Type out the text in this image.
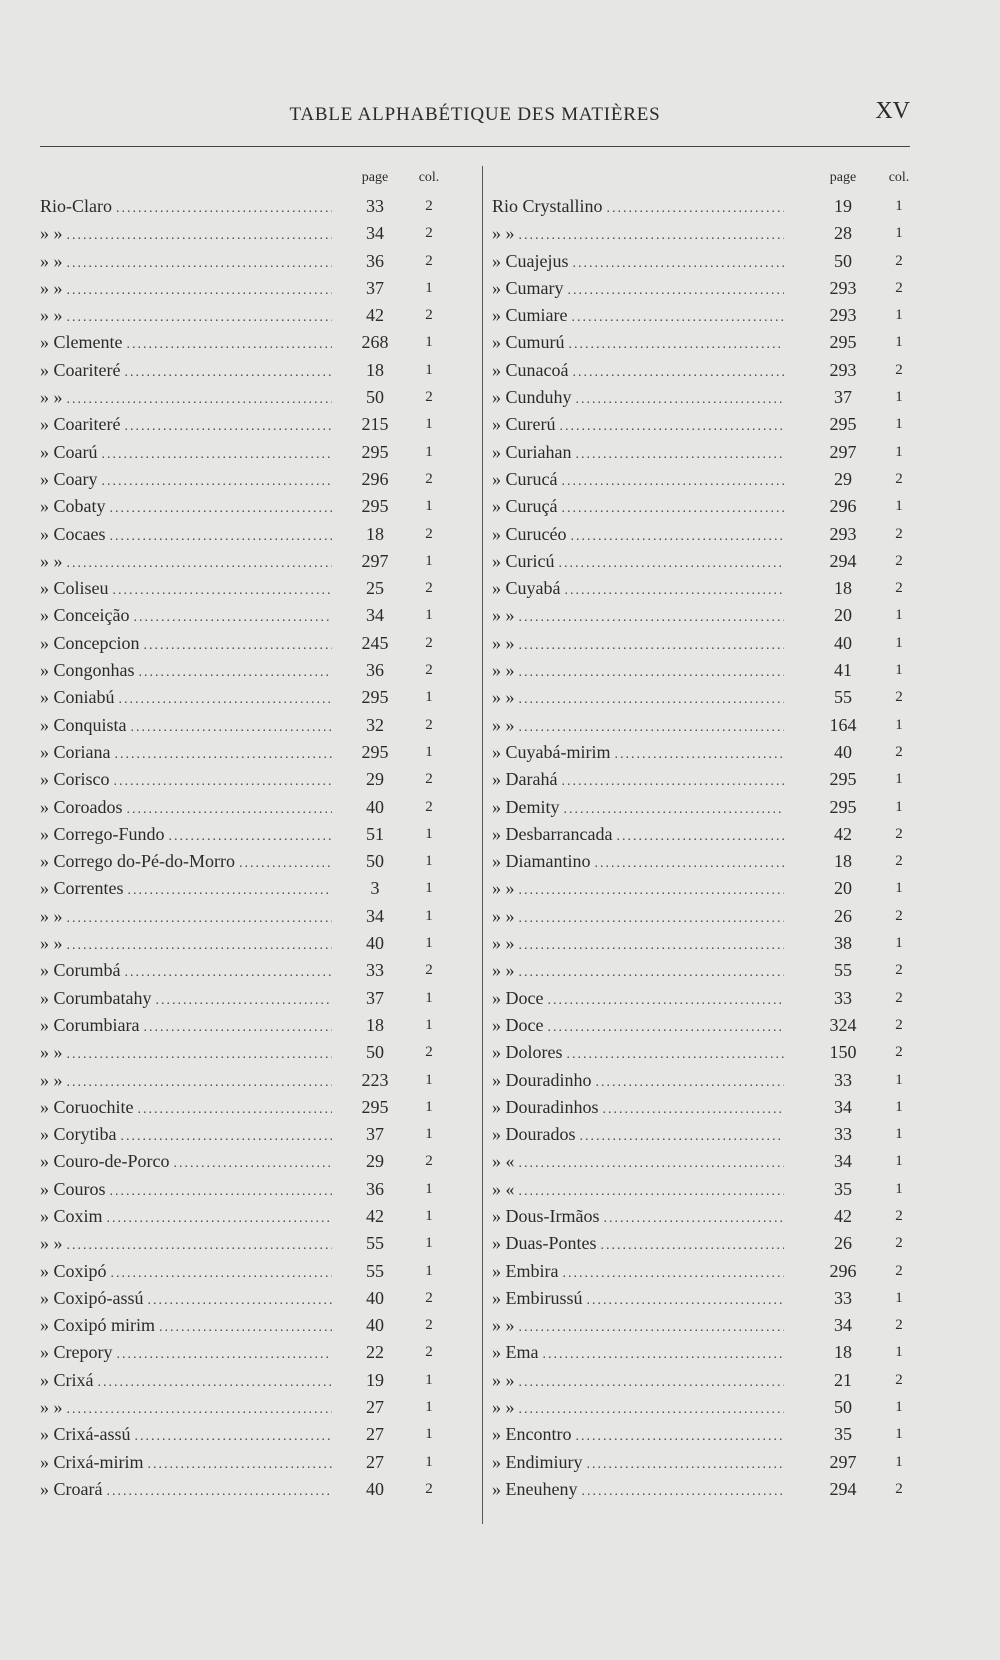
TABLE ALPHABÉTIQUE DES MATIÈRES	XV
page	col.
Rio-Claro .....	33	2
» » .....	34	2
» » .....	36	2
» » .....	37	1
» » .....	42	2
» Clemente .....	268	1
» Coariteré .....	18	1
» » .....	50	2
» Coariteré .....	215	1
» Coarú .....	295	1
» Coary .....	296	2
» Cobaty .....	295	1
» Cocaes .....	18	2
» » .....	297	1
» Coliseu .....	25	2
» Conceição .....	34	1
» Concepcion .....	245	2
» Congonhas .....	36	2
» Coniabú .....	295	1
» Conquista .....	32	2
» Coriana .....	295	1
» Corisco .....	29	2
» Coroados .....	40	2
» Corrego-Fundo .....	51	1
» Corrego do-Pé-do-Morro .....	50	1
» Correntes .....	3	1
» » .....	34	1
» » .....	40	1
» Corumbá .....	33	2
» Corumbatahy .....	37	1
» Corumbiara .....	18	1
» » .....	50	2
» » .....	223	1
» Coruochite .....	295	1
» Corytiba .....	37	1
» Couro-de-Porco .....	29	2
» Couros .....	36	1
» Coxim .....	42	1
» » .....	55	1
» Coxipó .....	55	1
» Coxipó-assú .....	40	2
» Coxipó mirim .....	40	2
» Crepory .....	22	2
» Crixá .....	19	1
» » .....	27	1
» Crixá-assú .....	27	1
» Crixá-mirim .....	27	1
» Croará .....	40	2
page	col.
Rio Crystallino .....	19	1
» » .....	28	1
» Cuajejus .....	50	2
» Cumary .....	293	2
» Cumiare .....	293	1
» Cumurú .....	295	1
» Cunacoá .....	293	2
» Cunduhy .....	37	1
» Curerú .....	295	1
» Curiahan .....	297	1
» Curucá .....	29	2
» Curuçá .....	296	1
» Curucéo .....	293	2
» Curicú .....	294	2
» Cuyabá .....	18	2
» » .....	20	1
» » .....	40	1
» » .....	41	1
» » .....	55	2
» » .....	164	1
» Cuyabá-mirim .....	40	2
» Darahá .....	295	1
» Demity .....	295	1
» Desbarrancada .....	42	2
» Diamantino .....	18	2
» » .....	20	1
» » .....	26	2
» » .....	38	1
» » .....	55	2
» Doce .....	33	2
» Doce .....	324	2
» Dolores .....	150	2
» Douradinho .....	33	1
» Douradinhos .....	34	1
» Dourados .....	33	1
» « .....	34	1
» « .....	35	1
» Dous-Irmãos .....	42	2
» Duas-Pontes .....	26	2
» Embira .....	296	2
» Embirussú .....	33	1
» » .....	34	2
» Ema .....	18	1
» » .....	21	2
» » .....	50	1
» Encontro .....	35	1
» Endimiury .....	297	1
» Eneuheny .....	294	2
